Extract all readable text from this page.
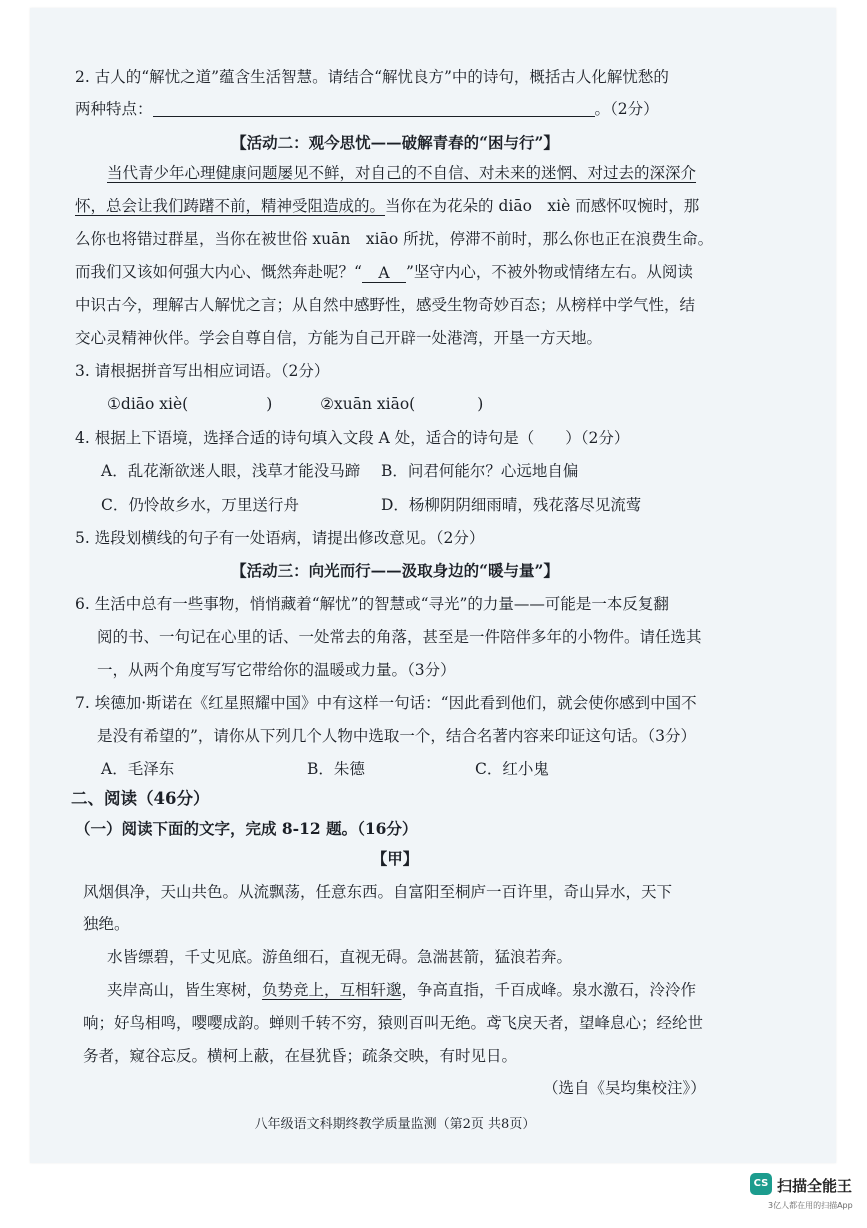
2. 古人的“解忧之道”蕴含生活智慧。请结合“解忧良方”中的诗句，概括古人化解忧愁的
两种特点：	。（2分）
【活动二：观今思忧——破解青春的“困与行”】
当代青少年心理健康问题屡见不鲜，对自己的不自信、对未来的迷惘、对过去的深深介
怀，总会让我们踌躇不前，精神受阻造成的。当你在为花朵的 diāo　xiè 而感怀叹惋时，那
么你也将错过群星，当你在被世俗 xuān　xiāo 所扰，停滞不前时，那么你也正在浪费生命。
而我们又该如何强大内心、慨然奔赴呢？“ A ”坚守内心，不被外物或情绪左右。从阅读
中识古今，理解古人解忧之言；从自然中感野性，感受生物奇妙百态；从榜样中学气性，结
交心灵精神伙伴。学会自尊自信，方能为自己开辟一处港湾，开垦一方天地。
3. 请根据拼音写出相应词语。（2分）
①diāo xiè(	)	②xuān xiāo(	)
4. 根据上下语境，选择合适的诗句填入文段 A 处，适合的诗句是（　　）（2分）
A．乱花渐欲迷人眼，浅草才能没马蹄 B．问君何能尔？心远地自偏
C．仍怜故乡水，万里送行舟	D．杨柳阴阴细雨晴，残花落尽见流莺
5. 选段划横线的句子有一处语病，请提出修改意见。（2分）
【活动三：向光而行——汲取身边的“暖与量”】
6. 生活中总有一些事物，悄悄藏着“解忧”的智慧或“寻光”的力量——可能是一本反复翻
阅的书、一句记在心里的话、一处常去的角落，甚至是一件陪伴多年的小物件。请任选其
一，从两个角度写写它带给你的温暖或力量。（3分）
7. 埃德加·斯诺在《红星照耀中国》中有这样一句话：“因此看到他们，就会使你感到中国不
是没有希望的”，请你从下列几个人物中选取一个，结合名著内容来印证这句话。（3分）
A．毛泽东	B．朱德	C．红小鬼
二、阅读（46分）
（一）阅读下面的文字，完成 8-12 题。（16分）
【甲】
风烟俱净，天山共色。从流飘荡，任意东西。自富阳至桐庐一百许里，奇山异水，天下
独绝。
水皆缥碧，千丈见底。游鱼细石，直视无碍。急湍甚箭，猛浪若奔。
夹岸高山，皆生寒树，负势竞上，互相轩邈，争高直指，千百成峰。泉水激石，泠泠作
响；好鸟相鸣，嘤嘤成韵。蝉则千转不穷，猿则百叫无绝。鸢飞戾天者，望峰息心；经纶世
务者，窥谷忘反。横柯上蔽，在昼犹昏；疏条交映，有时见日。
（选自《吴均集校注》）
八年级语文科期终教学质量监测（第2页 共8页）
CS 扫描全能王
3亿人都在用的扫描App
